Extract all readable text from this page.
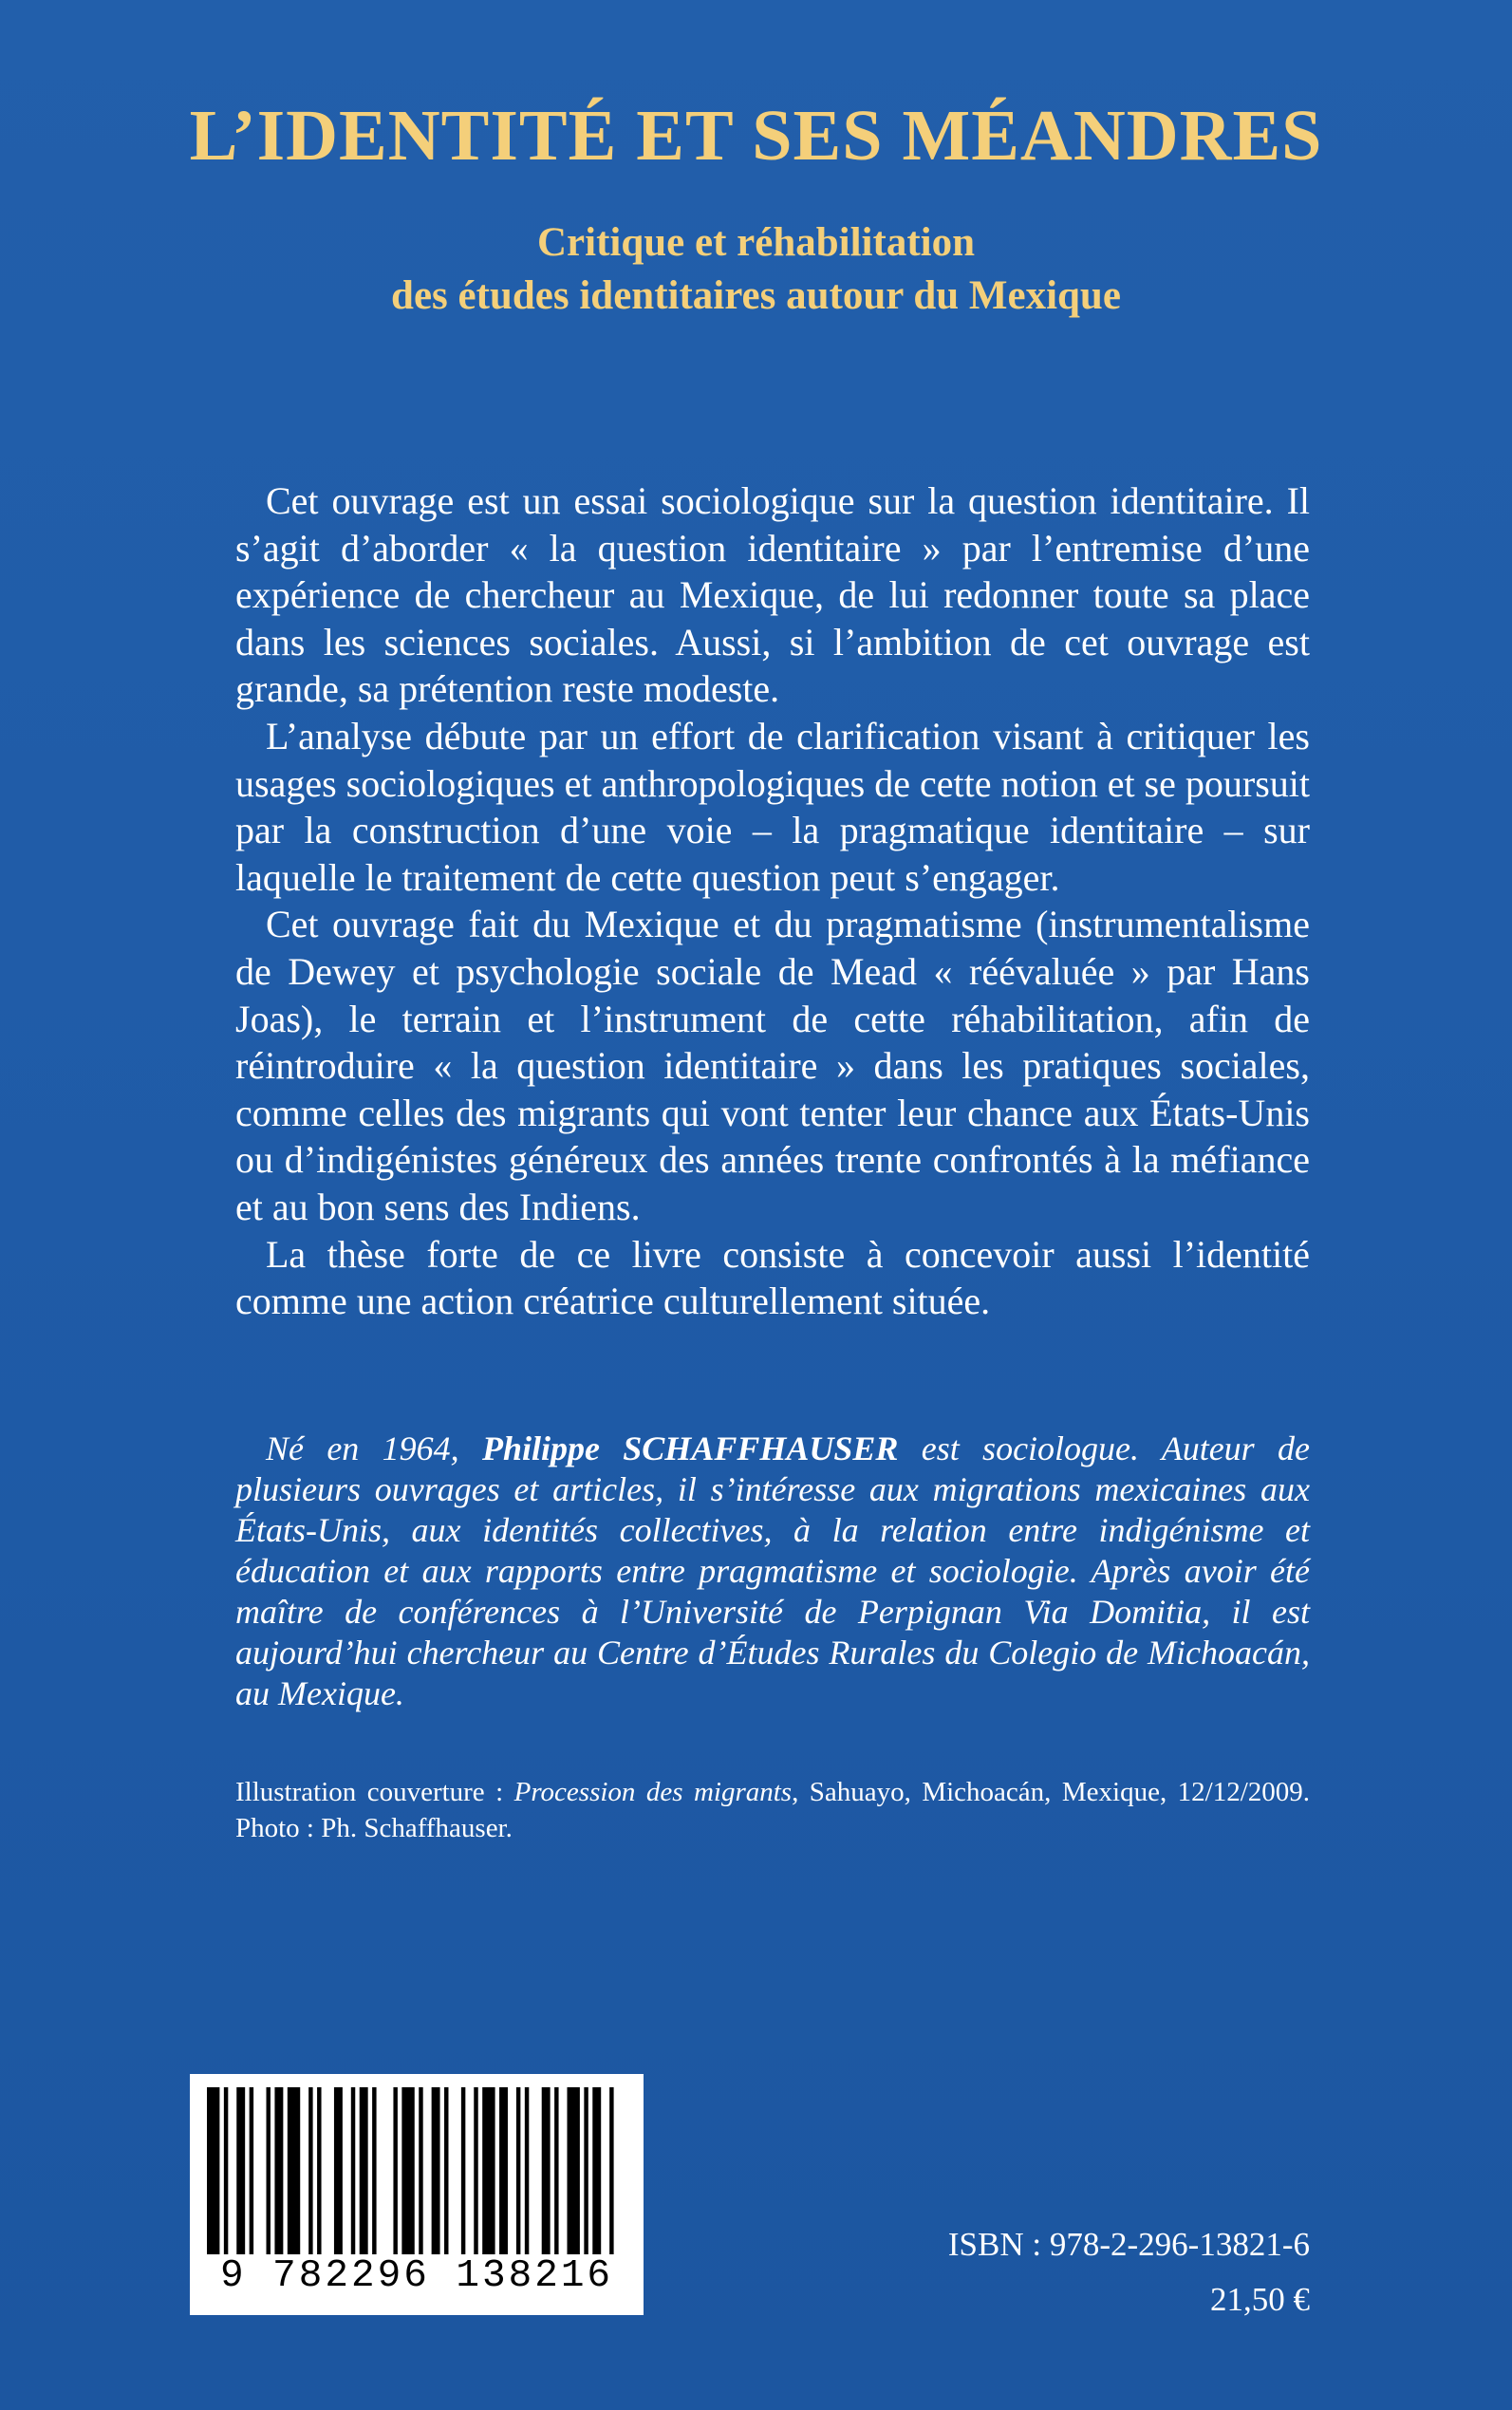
L’IDENTITÉ ET SES MÉANDRES
Critique et réhabilitation
des études identitaires autour du Mexique

Cet ouvrage est un essai sociologique sur la question identitaire. Il s’agit d’aborder « la question identitaire » par l’entremise d’une expérience de chercheur au Mexique, de lui redonner toute sa place dans les sciences sociales. Aussi, si l’ambition de cet ouvrage est grande, sa prétention reste modeste.

L’analyse débute par un effort de clarification visant à critiquer les usages sociologiques et anthropologiques de cette notion et se poursuit par la construction d’une voie – la pragmatique identitaire – sur laquelle le traitement de cette question peut s’engager.

Cet ouvrage fait du Mexique et du pragmatisme (instrumentalisme de Dewey et psychologie sociale de Mead « réévaluée » par Hans Joas), le terrain et l’instrument de cette réhabilitation, afin de réintroduire « la question identitaire » dans les pratiques sociales, comme celles des migrants qui vont tenter leur chance aux États-Unis ou d’indigénistes généreux des années trente confrontés à la méfiance et au bon sens des Indiens.

La thèse forte de ce livre consiste à concevoir aussi l’identité comme une action créatrice culturellement située.

Né en 1964, Philippe SCHAFFHAUSER est sociologue. Auteur de plusieurs ouvrages et articles, il s’intéresse aux migrations mexicaines aux États-Unis, aux identités collectives, à la relation entre indigénisme et éducation et aux rapports entre pragmatisme et sociologie. Après avoir été maître de conférences à l’Université de Perpignan Via Domitia, il est aujourd’hui chercheur au Centre d’Études Rurales du Colegio de Michoacán, au Mexique.

Illustration couverture : Procession des migrants, Sahuayo, Michoacán, Mexique, 12/12/2009. Photo : Ph. Schaffhauser.

9 782296 138216
ISBN : 978-2-296-13821-6
21,50 €
